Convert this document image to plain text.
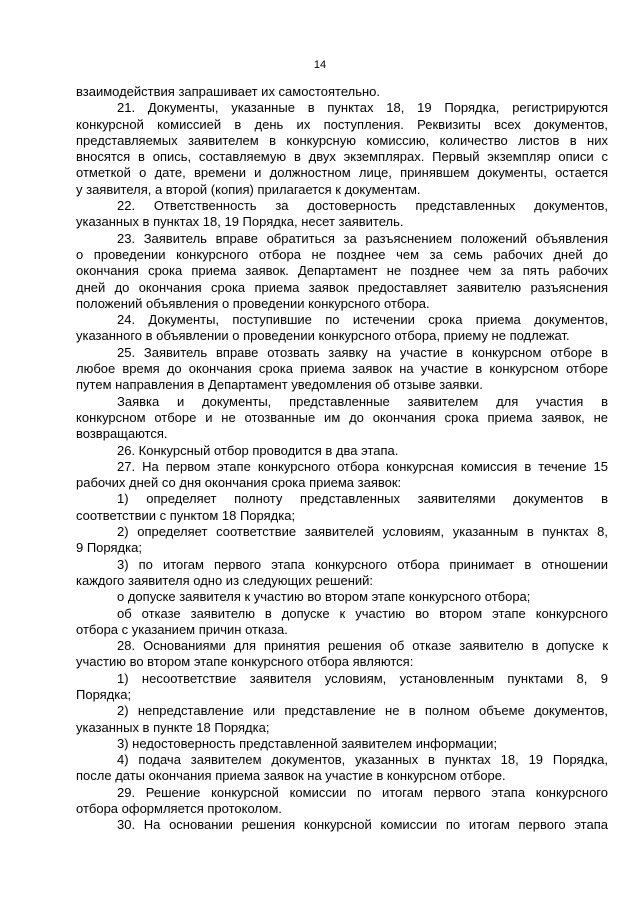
14
взаимодействия запрашивает их самостоятельно.
21. Документы, указанные в пунктах 18, 19 Порядка, регистрируются
конкурсной комиссией в день их поступления. Реквизиты всех документов,
представляемых заявителем в конкурсную комиссию, количество листов в них
вносятся в опись, составляемую в двух экземплярах. Первый экземпляр описи с
отметкой о дате, времени и должностном лице, принявшем документы, остается
у заявителя, а второй (копия) прилагается к документам.
22. Ответственность за достоверность представленных документов,
указанных в пунктах 18, 19 Порядка, несет заявитель.
23. Заявитель вправе обратиться за разъяснением положений объявления
о проведении конкурсного отбора не позднее чем за семь рабочих дней до
окончания срока приема заявок. Департамент не позднее чем за пять рабочих
дней до окончания срока приема заявок предоставляет заявителю разъяснения
положений объявления о проведении конкурсного отбора.
24. Документы, поступившие по истечении срока приема документов,
указанного в объявлении о проведении конкурсного отбора, приему не подлежат.
25. Заявитель вправе отозвать заявку на участие в конкурсном отборе в
любое время до окончания срока приема заявок на участие в конкурсном отборе
путем направления в Департамент уведомления об отзыве заявки.
Заявка и документы, представленные заявителем для участия в
конкурсном отборе и не отозванные им до окончания срока приема заявок, не
возвращаются.
26. Конкурсный отбор проводится в два этапа.
27. На первом этапе конкурсного отбора конкурсная комиссия в течение 15
рабочих дней со дня окончания срока приема заявок:
1) определяет полноту представленных заявителями документов в
соответствии с пунктом 18 Порядка;
2) определяет соответствие заявителей условиям, указанным в пунктах 8,
9 Порядка;
3) по итогам первого этапа конкурсного отбора принимает в отношении
каждого заявителя одно из следующих решений:
о допуске заявителя к участию во втором этапе конкурсного отбора;
об отказе заявителю в допуске к участию во втором этапе конкурсного
отбора с указанием причин отказа.
28. Основаниями для принятия решения об отказе заявителю в допуске к
участию во втором этапе конкурсного отбора являются:
1) несоответствие заявителя условиям, установленным пунктами 8, 9
Порядка;
2) непредставление или представление не в полном объеме документов,
указанных в пункте 18 Порядка;
3) недостоверность представленной заявителем информации;
4) подача заявителем документов, указанных в пунктах 18, 19 Порядка,
после даты окончания приема заявок на участие в конкурсном отборе.
29. Решение конкурсной комиссии по итогам первого этапа конкурсного
отбора оформляется протоколом.
30. На основании решения конкурсной комиссии по итогам первого этапа
